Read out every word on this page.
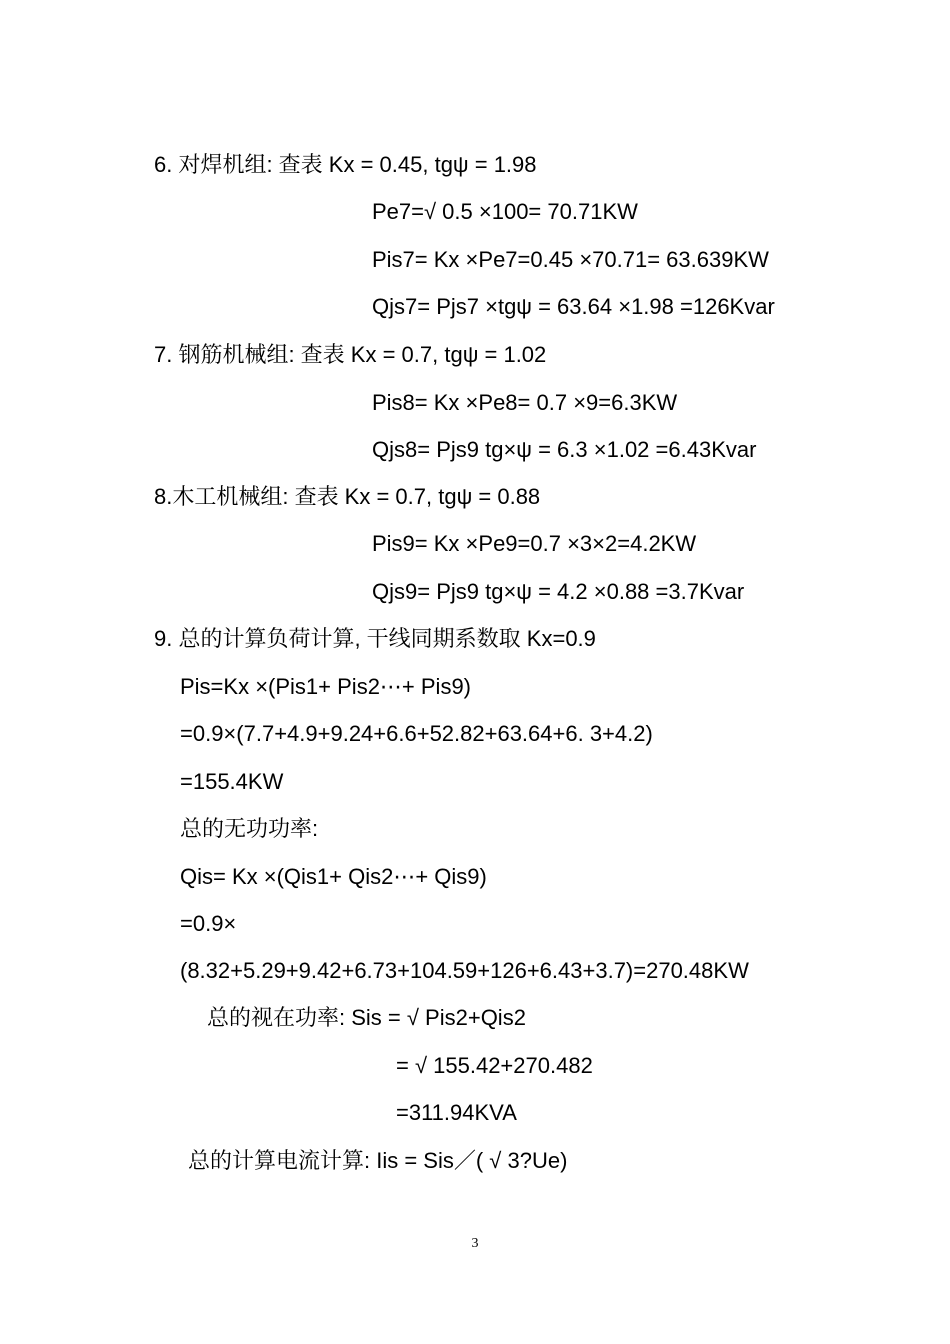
6. 对焊机组: 查表 Kx = 0.45, tgψ = 1.98
Pe7=√ 0.5 ×100= 70.71KW
Pis7= Kx ×Pe7=0.45 ×70.71= 63.639KW
Qjs7= Pjs7 ×tgψ = 63.64 ×1.98 =126Kvar
7. 钢筋机械组: 查表 Kx = 0.7, tgψ = 1.02
Pis8= Kx ×Pe8= 0.7 ×9=6.3KW
Qjs8= Pjs9 tg×ψ = 6.3 ×1.02 =6.43Kvar
8.木工机械组: 查表 Kx = 0.7, tgψ = 0.88
Pis9= Kx ×Pe9=0.7 ×3×2=4.2KW
Qjs9= Pjs9 tg×ψ = 4.2 ×0.88 =3.7Kvar
9. 总的计算负荷计算, 干线同期系数取 Kx=0.9
Pis=Kx ×(Pis1+ Pis2⋯+ Pis9)
=0.9×(7.7+4.9+9.24+6.6+52.82+63.64+6. 3+4.2)
=155.4KW
总的无功功率:
Qis= Kx ×(Qis1+ Qis2⋯+ Qis9)
=0.9×
(8.32+5.29+9.42+6.73+104.59+126+6.43+3.7)=270.48KW
总的视在功率: Sis = √ Pis2+Qis2
= √ 155.42+270.482
=311.94KVA
总的计算电流计算: Iis = Sis／( √ 3?Ue)
3
